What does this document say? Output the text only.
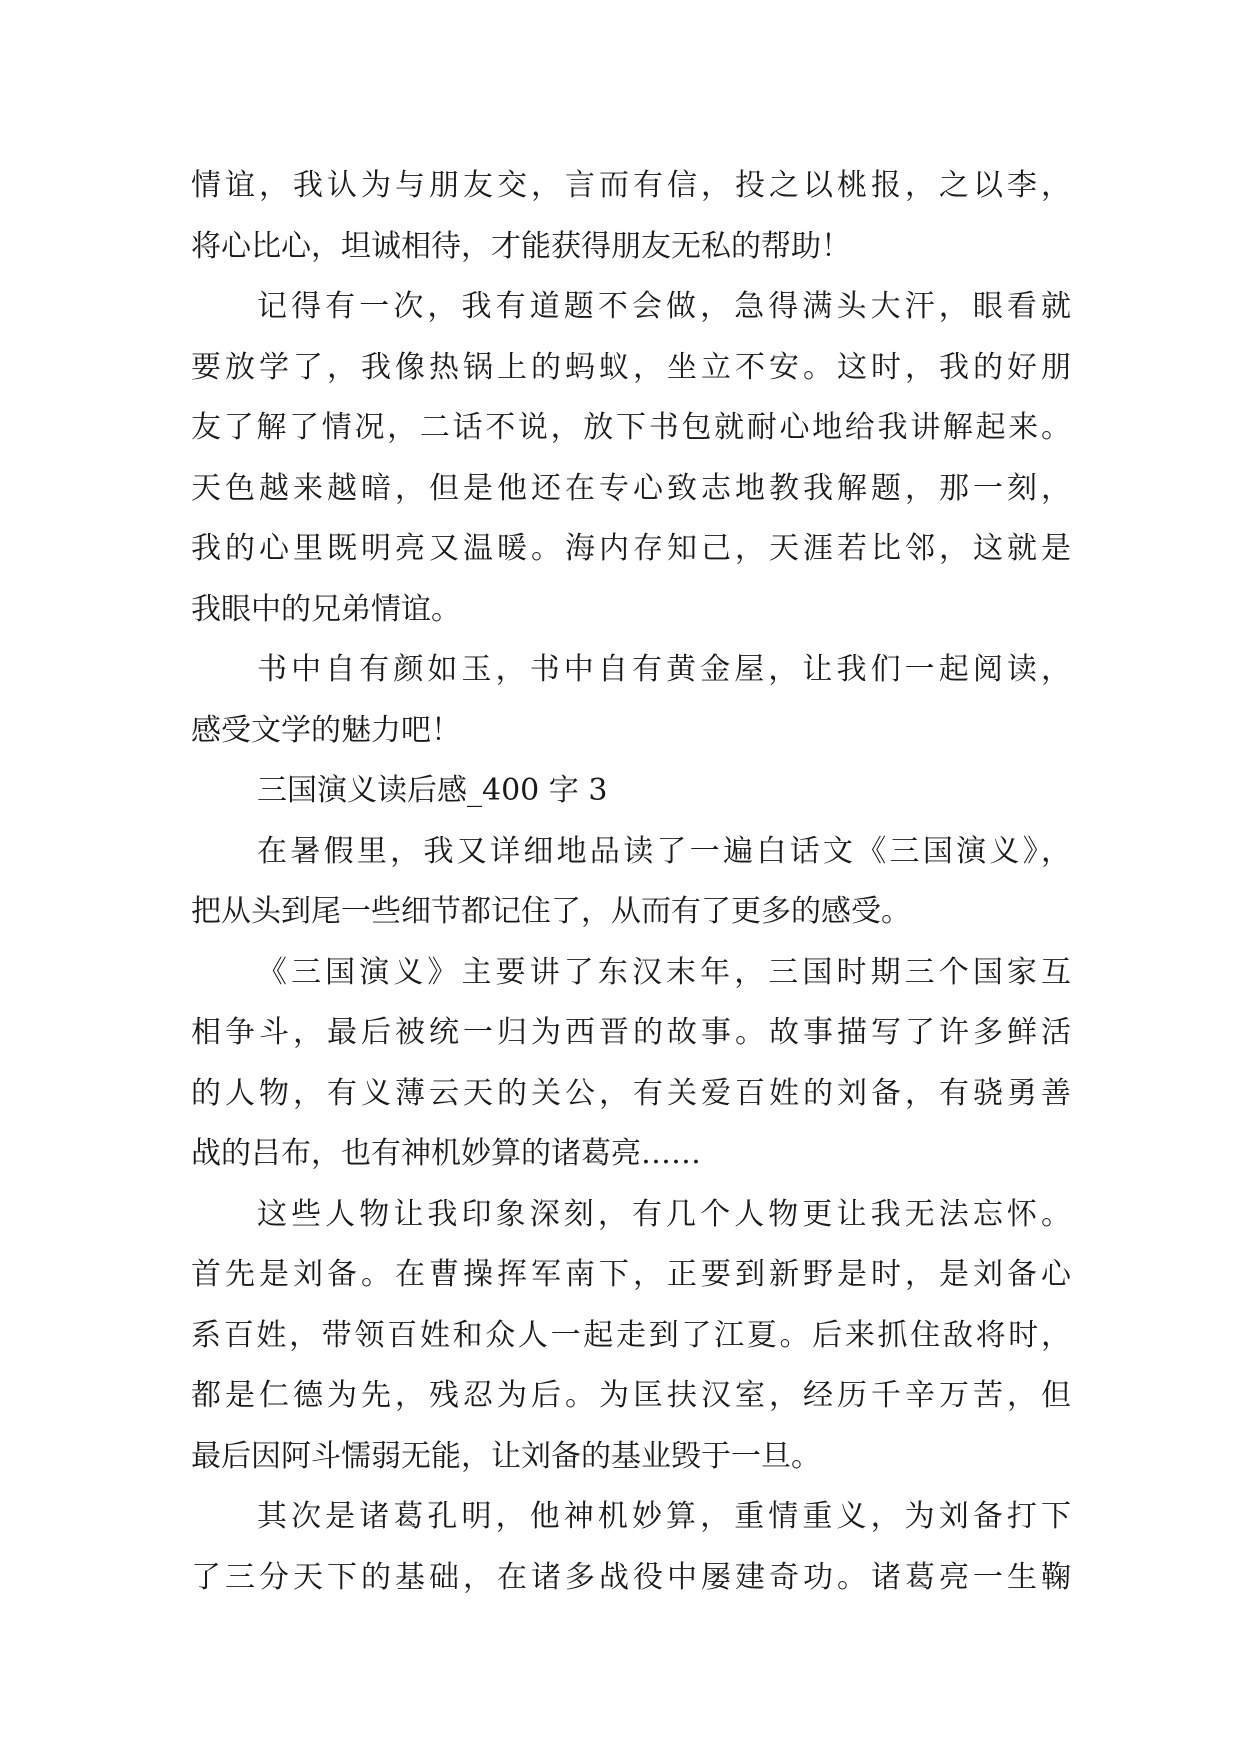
情谊，我认为与朋友交，言而有信，投之以桃报，之以李，
将心比心，坦诚相待，才能获得朋友无私的帮助！
记得有一次，我有道题不会做，急得满头大汗，眼看就
要放学了，我像热锅上的蚂蚁，坐立不安。这时，我的好朋
友了解了情况，二话不说，放下书包就耐心地给我讲解起来。
天色越来越暗，但是他还在专心致志地教我解题，那一刻，
我的心里既明亮又温暖。海内存知己，天涯若比邻，这就是
我眼中的兄弟情谊。
书中自有颜如玉，书中自有黄金屋，让我们一起阅读，
感受文学的魅力吧！
三国演义读后感_400 字 3
在暑假里，我又详细地品读了一遍白话文《三国演义》，
把从头到尾一些细节都记住了，从而有了更多的感受。
《三国演义》主要讲了东汉末年，三国时期三个国家互
相争斗，最后被统一归为西晋的故事。故事描写了许多鲜活
的人物，有义薄云天的关公，有关爱百姓的刘备，有骁勇善
战的吕布，也有神机妙算的诸葛亮……
这些人物让我印象深刻，有几个人物更让我无法忘怀。
首先是刘备。在曹操挥军南下，正要到新野是时，是刘备心
系百姓，带领百姓和众人一起走到了江夏。后来抓住敌将时，
都是仁德为先，残忍为后。为匡扶汉室，经历千辛万苦，但
最后因阿斗懦弱无能，让刘备的基业毁于一旦。
其次是诸葛孔明，他神机妙算，重情重义，为刘备打下
了三分天下的基础，在诸多战役中屡建奇功。诸葛亮一生鞠
